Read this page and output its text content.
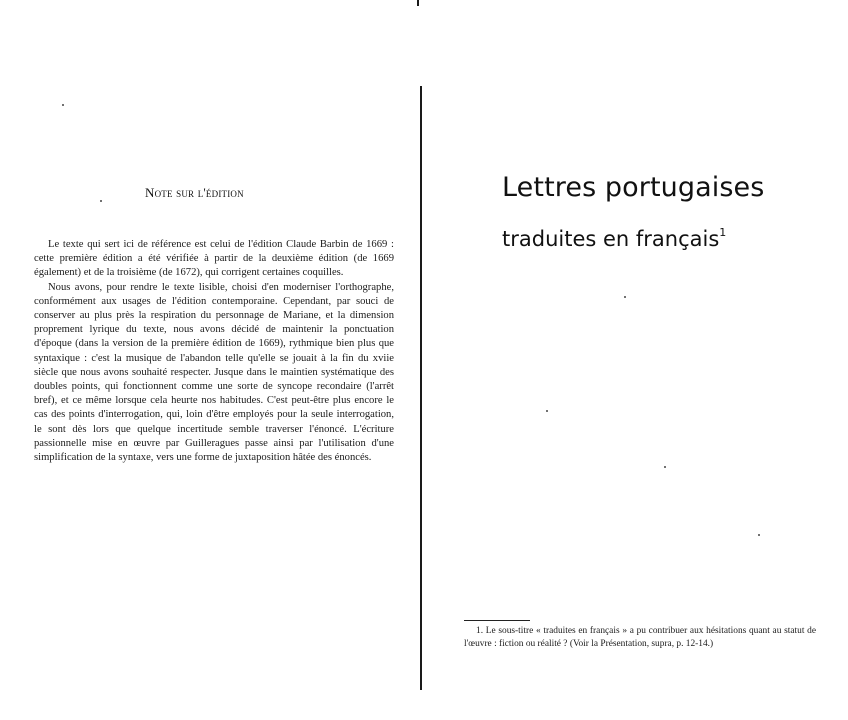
Note sur l'édition

Le texte qui sert ici de référence est celui de l'édition Claude Barbin de 1669 : cette première édition a été vérifiée à partir de la deuxième édition (de 1669 également) et de la troisième (de 1672), qui corrigent certaines coquilles.

Nous avons, pour rendre le texte lisible, choisi d'en moderniser l'orthographe, conformément aux usages de l'édition contemporaine. Cependant, par souci de conserver au plus près la respiration du personnage de Mariane, et la dimension proprement lyrique du texte, nous avons décidé de maintenir la ponctuation d'époque (dans la version de la première édition de 1669), rythmique bien plus que syntaxique : c'est la musique de l'abandon telle qu'elle se jouait à la fin du xviie siècle que nous avons souhaité respecter. Jusque dans le maintien systématique des doubles points, qui fonctionnent comme une sorte de syncope recondaire (l'arrêt bref), et ce même lorsque cela heurte nos habitudes. C'est peut-être plus encore le cas des points d'interrogation, qui, loin d'être employés pour la seule interrogation, le sont dès lors que quelque incertitude semble traverser l'énoncé. L'écriture passionnelle mise en œuvre par Guilleragues passe ainsi par l'utilisation d'une simplification de la syntaxe, vers une forme de juxtaposition hâtée des énoncés.

Lettres portugaises
traduites en français$^1$

1. Le sous-titre « traduites en français » a pu contribuer aux hésitations quant au statut de l'œuvre : fiction ou réalité ? (Voir la Présentation, supra, p. 12-14.)
